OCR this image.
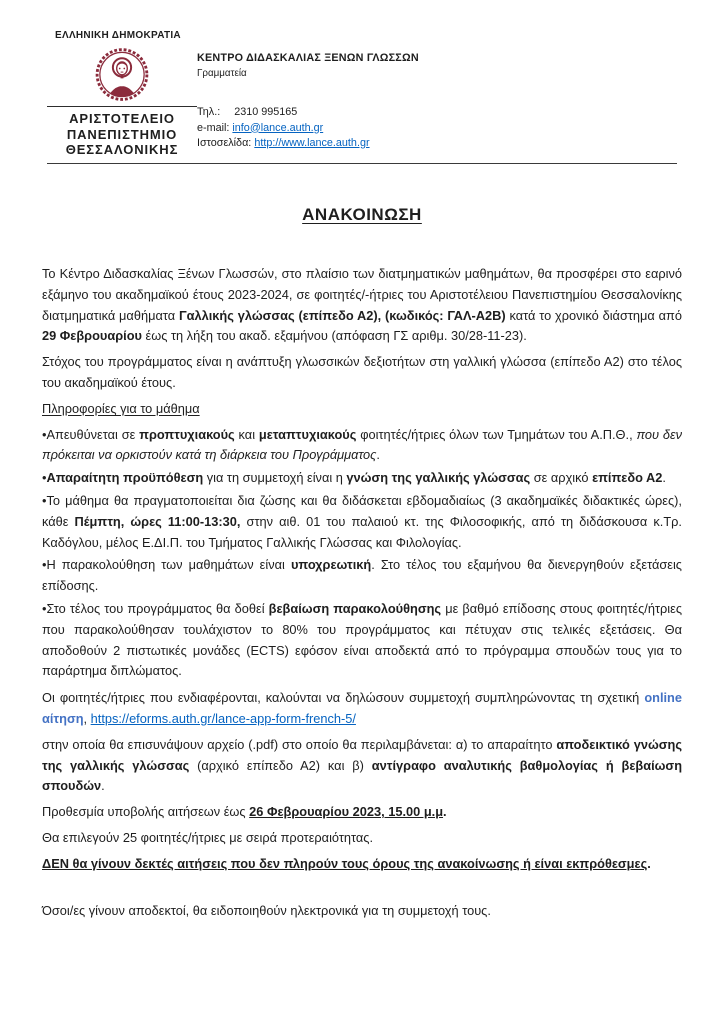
ΕΛΛΗΝΙΚΗ ΔΗΜΟΚΡΑΤΙΑ
ΑΡΙΣΤΟΤΕΛΕΙΟ
ΠΑΝΕΠΙΣΤΗΜΙΟ
ΘΕΣΣΑΛΟΝΙΚΗΣ
ΚΕΝΤΡΟ ΔΙΔΑΣΚΑΛΙΑΣ ΞΕΝΩΝ ΓΛΩΣΣΩΝ
Γραμματεία
Τηλ.: 2310 995165
e-mail: info@lance.auth.gr
Ιστοσελίδα: http://www.lance.auth.gr
ΑΝΑΚΟΙΝΩΣΗ

Το Κέντρο Διδασκαλίας Ξένων Γλωσσών, στο πλαίσιο των διατμηματικών μαθημάτων, θα προσφέρει στο εαρινό εξάμηνο του ακαδημαϊκού έτους 2023-2024, σε φοιτητές/-ήτριες του Αριστοτέλειου Πανεπιστημίου Θεσσαλονίκης διατμηματικά μαθήματα Γαλλικής γλώσσας (επίπεδο Α2), (κωδικός: ΓΑΛ-Α2Β) κατά το χρονικό διάστημα από 29 Φεβρουαρίου έως τη λήξη του ακαδ. εξαμήνου (απόφαση ΓΣ αριθμ. 30/28-11-23).

Στόχος του προγράμματος είναι η ανάπτυξη γλωσσικών δεξιοτήτων στη γαλλική γλώσσα (επίπεδο Α2) στο τέλος του ακαδημαϊκού έτους.

Πληροφορίες για το μάθημα

•Απευθύνεται σε προπτυχιακούς και μεταπτυχιακούς φοιτητές/ήτριες όλων των Τμημάτων του Α.Π.Θ., που δεν πρόκειται να ορκιστούν κατά τη διάρκεια του Προγράμματος.

•Απαραίτητη προϋπόθεση για τη συμμετοχή είναι η γνώση της γαλλικής γλώσσας σε αρχικό επίπεδο Α2.

•Το μάθημα θα πραγματοποιείται δια ζώσης και θα διδάσκεται εβδομαδιαίως (3 ακαδημαϊκές διδακτικές ώρες), κάθε Πέμπτη, ώρες 11:00-13:30, στην αιθ. 01 του παλαιού κτ. της Φιλοσοφικής, από τη διδάσκουσα κ.Τρ. Καδόγλου, μέλος Ε.ΔΙ.Π. του Τμήματος Γαλλικής Γλώσσας και Φιλολογίας.

•Η παρακολούθηση των μαθημάτων είναι υποχρεωτική. Στο τέλος του εξαμήνου θα διενεργηθούν εξετάσεις επίδοσης.

•Στο τέλος του προγράμματος θα δοθεί βεβαίωση παρακολούθησης με βαθμό επίδοσης στους φοιτητές/ήτριες που παρακολούθησαν τουλάχιστον το 80% του προγράμματος και πέτυχαν στις τελικές εξετάσεις. Θα αποδοθούν 2 πιστωτικές μονάδες (ECTS) εφόσον είναι αποδεκτά από το πρόγραμμα σπουδών τους για το παράρτημα διπλώματος.

Οι φοιτητές/ήτριες που ενδιαφέρονται, καλούνται να δηλώσουν συμμετοχή συμπληρώνοντας τη σχετική online αίτηση, https://eforms.auth.gr/lance-app-form-french-5/

στην οποία θα επισυνάψουν αρχείο (.pdf) στο οποίο θα περιλαμβάνεται: α) το απαραίτητο αποδεικτικό γνώσης της γαλλικής γλώσσας (αρχικό επίπεδο Α2) και β) αντίγραφο αναλυτικής βαθμολογίας ή βεβαίωση σπουδών.

Προθεσμία υποβολής αιτήσεων έως 26 Φεβρουαρίου 2023, 15.00 μ.μ.

Θα επιλεγούν 25 φοιτητές/ήτριες με σειρά προτεραιότητας.

ΔΕΝ θα γίνουν δεκτές αιτήσεις που δεν πληρούν τους όρους της ανακοίνωσης ή είναι εκπρόθεσμες.

Όσοι/ες γίνουν αποδεκτοί, θα ειδοποιηθούν ηλεκτρονικά για τη συμμετοχή τους.
